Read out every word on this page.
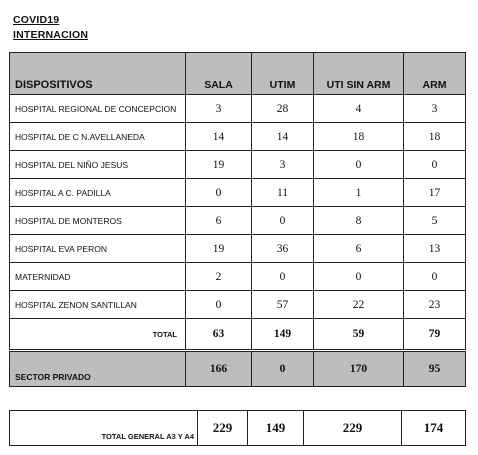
COVID19
INTERNACION
DISPOSITIVOS	SALA	UTIM	UTI SIN ARM	ARM
HOSPITAL REGIONAL DE CONCEPCION	3	28	4	3
HOSPITAL DE C N.AVELLANEDA	14	14	18	18
HOSPITAL DEL NIÑO JESUS	19	3	0	0
HOSPITAL A C. PADILLA	0	11	1	17
HOSPITAL DE MONTEROS	6	0	8	5
HOSPITAL EVA PERON	19	36	6	13
MATERNIDAD	2	0	0	0
HOSPITAL ZENON SANTILLAN	0	57	22	23
TOTAL	63	149	59	79
SECTOR PRIVADO	166	0	170	95
TOTAL GENERAL A3 Y A4	229	149	229	174
